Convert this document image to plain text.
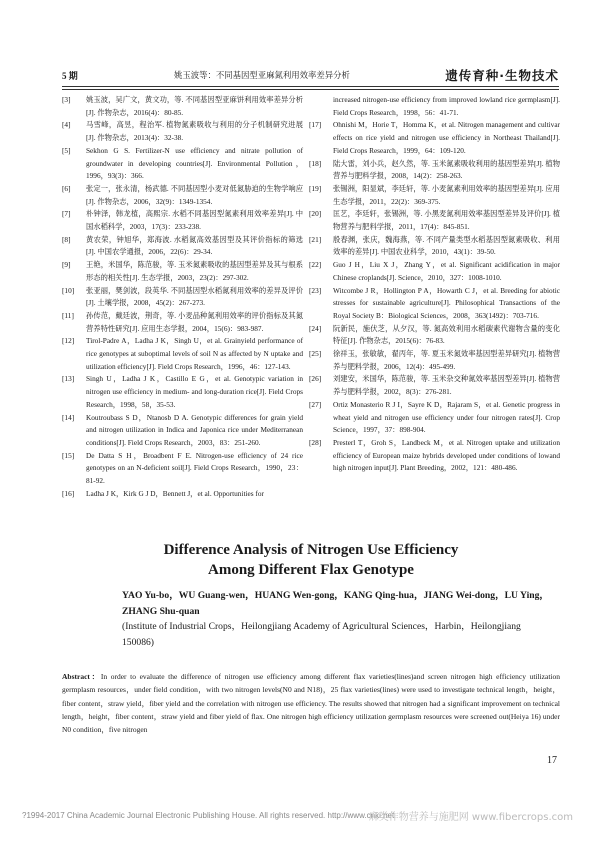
5 期	姚玉波等：不同基因型亚麻氮利用效率差异分析	遗传育种·生物技术
[3]	姚玉波，吴广文，黄文功，等. 不同基因型亚麻饼利用效率差异分析[J]. 作物杂志，2016(4)：80-85.
[4]	马雪峰，高昱，程治军. 植物氮素吸收与利用的分子机制研究进展[J]. 作物杂志，2013(4)：32-38.
[5]	Sekhon G S. Fertilizer-N use efficiency and nitrate pollution of groundwater in developing countries[J]. Environmental Pollution，1996，93(3)：366.
[6]	张定一，张永清，杨武德. 不同基因型小麦对低氮胁迫的生物学响应[J]. 作物杂志，2006，32(9)：1349-1354.
[7]	朴钟泽，韩龙植，高熙宗. 水稻不同基因型氮素利用效率差异[J]. 中国水稻科学，2003，17(3)：233-238.
[8]	黄农荣，钟旭华，郑海波. 水稻氮高效基因型及其评价指标的筛选[J]. 中国农学通报，2006，22(6)：29-34.
[9]	王艳，米国华，陈范骏，等. 玉米氮素吸收的基因型差异及其与根系形态的相关性[J]. 生态学报，2003，23(2)：297-302.
[10]	张亚丽，樊剑波，段英华. 不同基因型水稻氮利用效率的差异及评价[J]. 土壤学报，2008，45(2)：267-273.
[11]	孙传范，戴廷波，荆奇，等. 小麦品种氮利用效率的评价指标及其氮营养特性研究[J]. 应用生态学报，2004，15(6)：983-987.
[12]	Tirol-Padre A，Ladha J K，Singh U，et al. Grainyield performance of rice genotypes at suboptimal levels of soil N as affected by N uptake and utilization efficiency[J]. Field Crops Research，1996，46：127-143.
[13]	Singh U，Ladha J K，Castillo E G，et al. Genotypic variation in nitrogen use efficiency in medium- and long-duration rice[J]. Field Crops Research，1998，58，35-53.
[14]	Koutroubass S D，Ntanosb D A. Genotypic differences for grain yield and nitrogen utilization in Indica and Japonica rice under Mediterranean conditions[J]. Field Crops Research，2003，83：251-260.
[15]	De Datta S H，Broadbent F E. Nitrogen-use efficiency of 24 rice genotypes on an N-deficient soil[J]. Field Crops Research，1990，23：81-92.
[16]	Ladha J K，Kirk G J D，Bennett J，et al. Opportunities for
increased nitrogen-use efficiency from improved lowland rice germplasm[J]. Field Crops Research，1998，56：41-71.
[17]	Ohnishi M，Horie T，Homma K，et al. Nitrogen management and cultivar effects on rice yield and nitrogen use efficiency in Northeast Thailand[J]. Field Crops Research，1999，64：109-120.
[18]	陆大雷，刘小兵，赵久然，等. 玉米氮素吸收利用的基因型差异[J]. 植物营养与肥料学报，2008，14(2)：258-263.
[19]	张锡洲，阳显斌，李廷轩，等. 小麦氮素利用效率的基因型差异[J]. 应用生态学报，2011，22(2)：369-375.
[20]	匡艺，李廷轩，张锡洲，等. 小黑麦氮利用效率基因型差异及评价[J]. 植物营养与肥料学报，2011，17(4)：845-851.
[21]	殷春渊，张庆，魏海燕，等. 不同产量类型水稻基因型氮素吸收、利用效率的差异[J]. 中国农业科学，2010，43(1)：39-50.
[22]	Guo J H，Liu X J，Zhang Y，et al. Significant acidification in major Chinese croplands[J]. Science，2010，327：1008-1010.
[23]	Witcombe J R，Hollington P A，Howarth C J，et al. Breeding for abiotic stresses for sustainable agriculture[J]. Philosophical Transactions of the Royal Society B：Biological Sciences，2008，363(1492)：703-716.
[24]	阮新民，施伏芝，从夕汉，等. 氮高效利用水稻碳素代谢物含量的变化特征[J]. 作物杂志，2015(6)：76-83.
[25]	徐祥玉，张敏敏，翟丙年，等. 夏玉米氮效率基因型差异研究[J]. 植物营养与肥料学报，2006，12(4)：495-499.
[26]	刘建安，米国华，陈范骏，等. 玉米杂交种氮效率基因型差异[J]. 植物营养与肥料学报，2002，8(3)：276-281.
[27]	Ortiz Monasterio R J I，Sayre K D，Rajaram S，et al. Genetic progress in wheat yield and nitrogen use efficiency under four nitrogen rates[J]. Crop Science，1997，37：898-904.
[28]	Presterl T，Groh S，Landbeck M，et al. Nitrogen uptake and utilization efficiency of European maize hybrids developed under conditions of lowand high nitrogen input[J]. Plant Breeding，2002，121：480-486.
Difference Analysis of Nitrogen Use Efficiency
Among Different Flax Genotype
YAO Yu-bo，WU Guang-wen，HUANG Wen-gong，KANG Qing-hua，JIANG Wei-dong，LU Ying，ZHANG Shu-quan
(Institute of Industrial Crops，Heilongjiang Academy of Agricultural Sciences，Harbin，Heilongjiang 150086)
Abstract：In order to evaluate the difference of nitrogen use efficiency among different flax varieties(lines)and screen nitrogen high efficiency utilization germplasm resources，under field condition，with two nitrogen levels(N0 and N18)，25 flax varieties(lines) were used to investigate technical length，height，fiber content，straw yield，fiber yield and the correlation with nitrogen use efficiency. The results showed that nitrogen had a significant improvement on technical length，height，fiber content，straw yield and fiber yield of flax. One nitrogen high efficiency utilization germplasm resources were screened out(Heiya 16) under N0 condition，five nitrogen
17
?1994-2017 China Academic Journal Electronic Publishing House. All rights reserved. http://www.cnki.net
麻类作物营养与施肥网 www.fibercrops.com
